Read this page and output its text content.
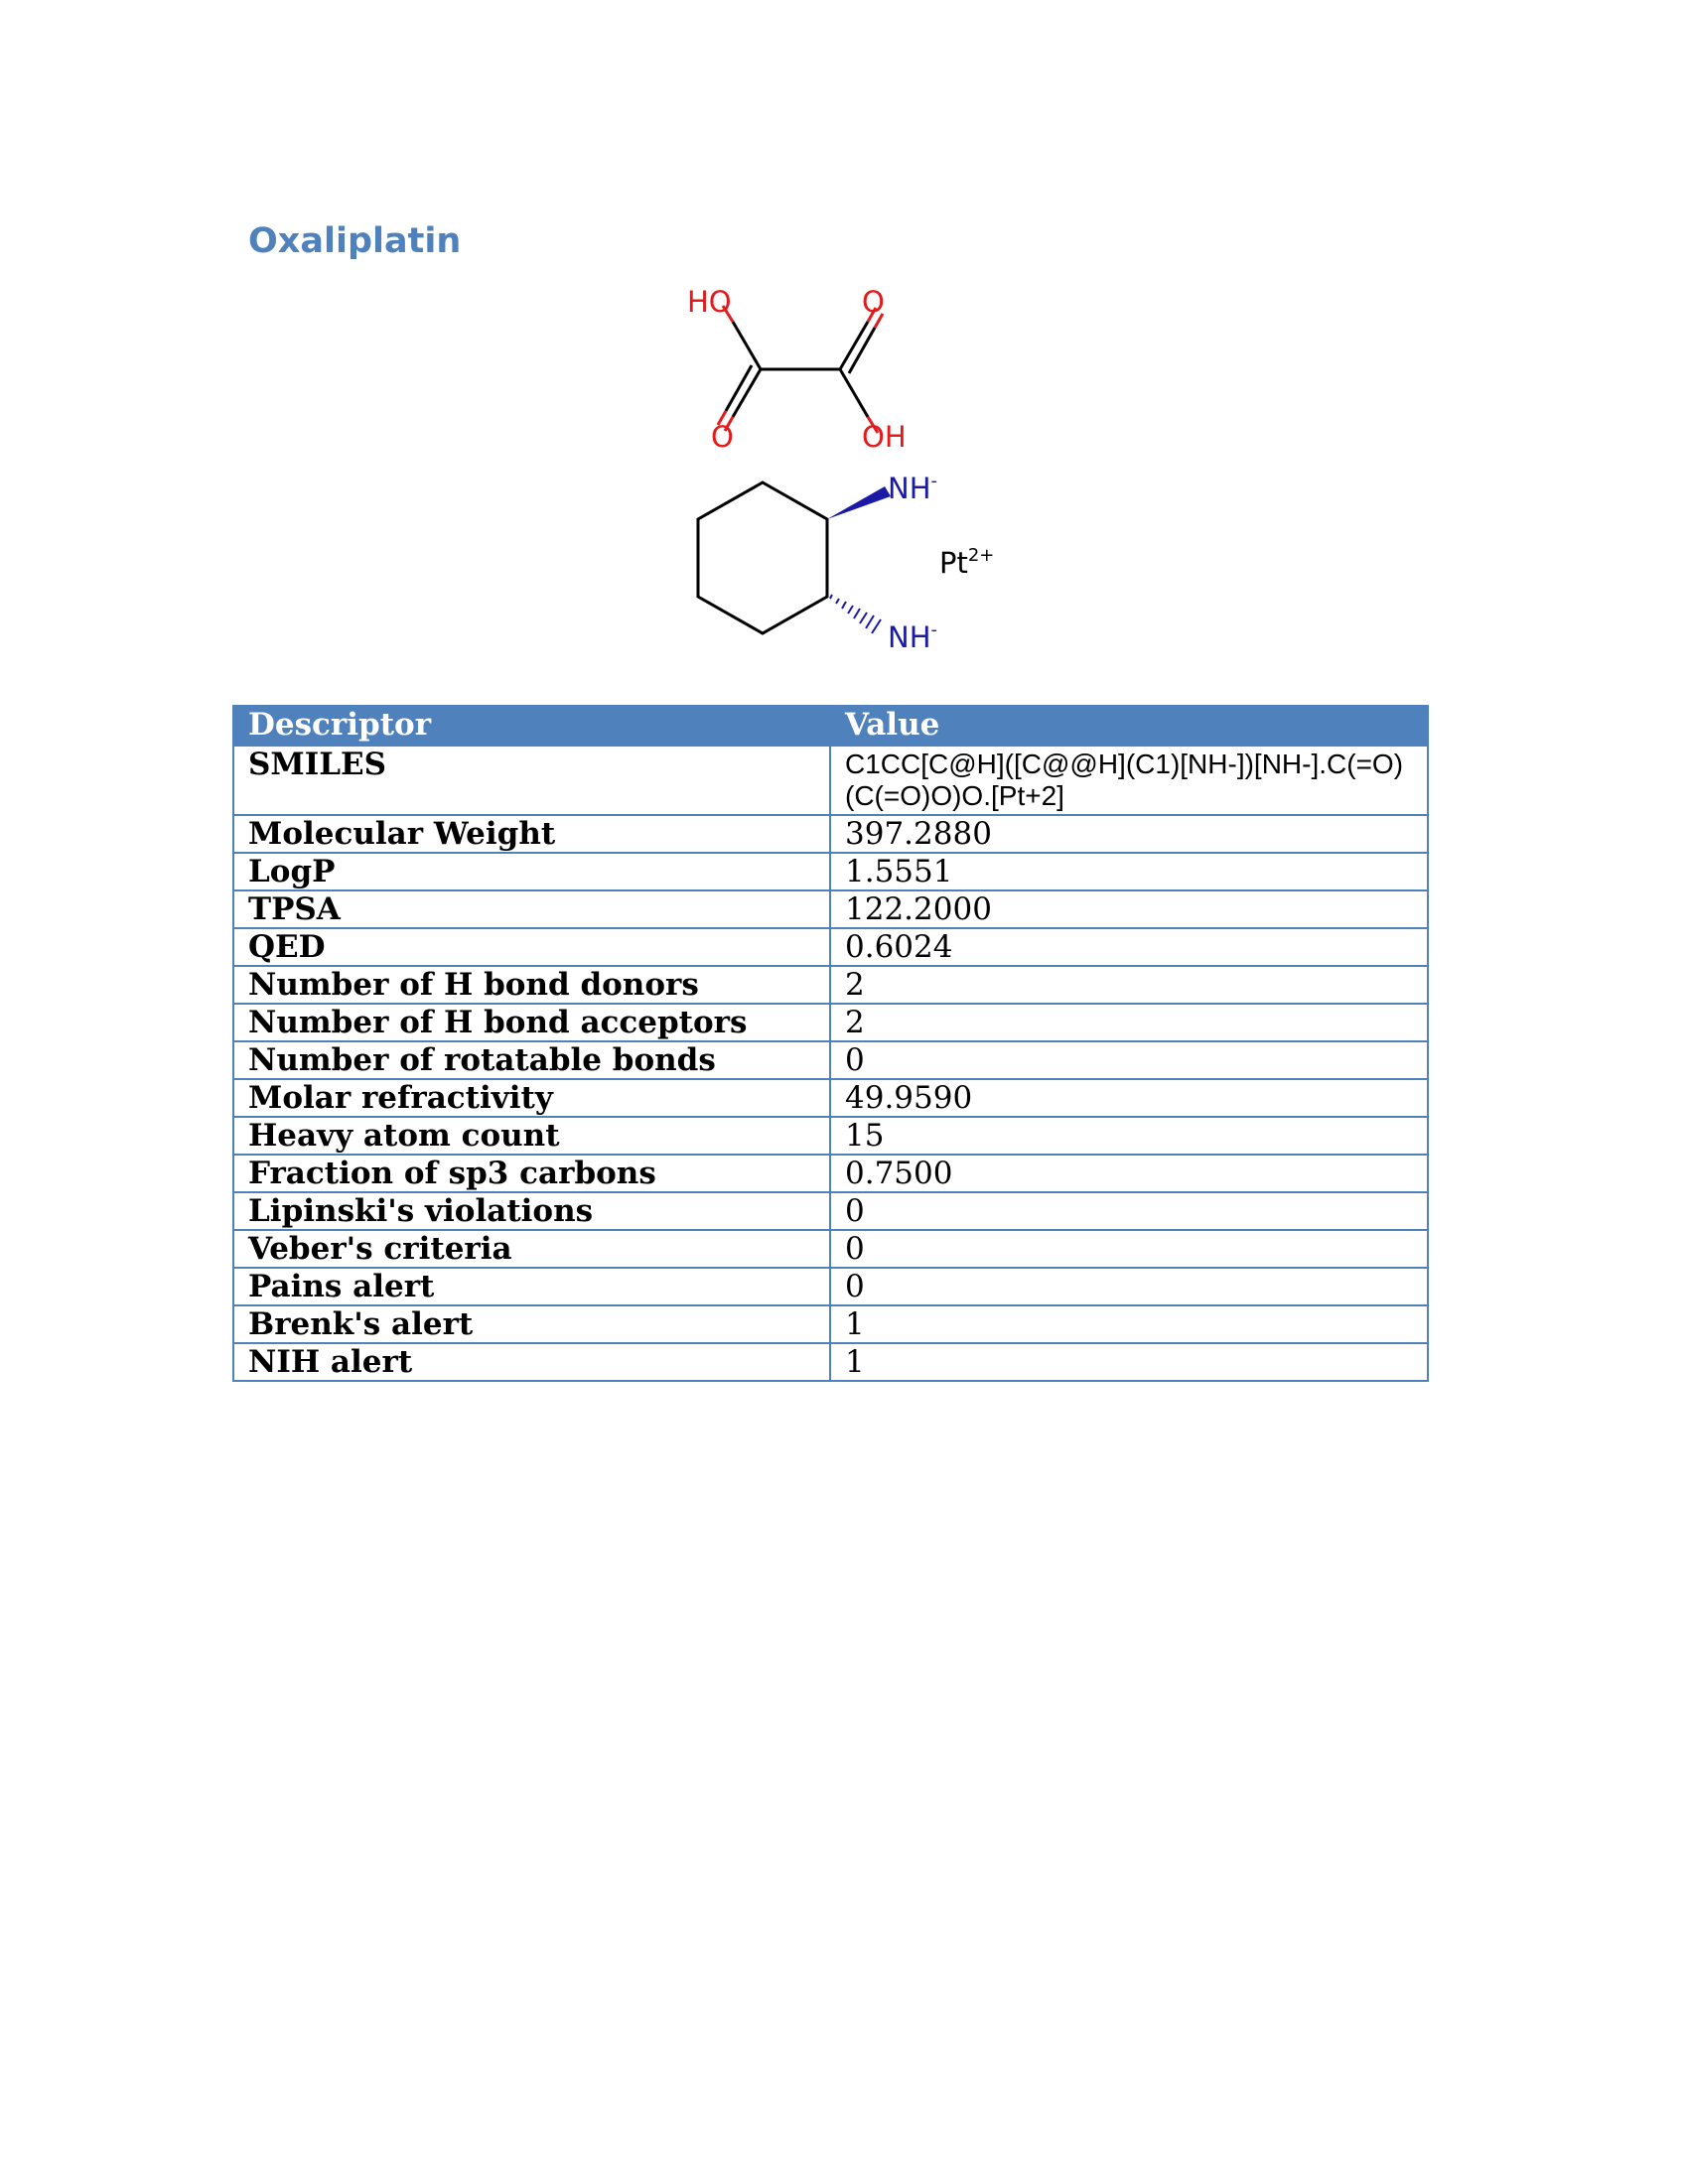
Oxaliplatin
HO	O
O	OH
NH-
NH-
$Pt^{2+}$
Descriptor	Value
SMILES	C1CC[C@H]([C@@H](C1)[NH-])[NH-].C(=O)(C(=O)O)O.[Pt+2]
Molecular Weight	397.2880
LogP	1.5551
TPSA	122.2000
QED	0.6024
Number of H bond donors	2
Number of H bond acceptors	2
Number of rotatable bonds	0
Molar refractivity	49.9590
Heavy atom count	15
Fraction of sp3 carbons	0.7500
Lipinski's violations	0
Veber's criteria	0
Pains alert	0
Brenk's alert	1
NIH alert	1
